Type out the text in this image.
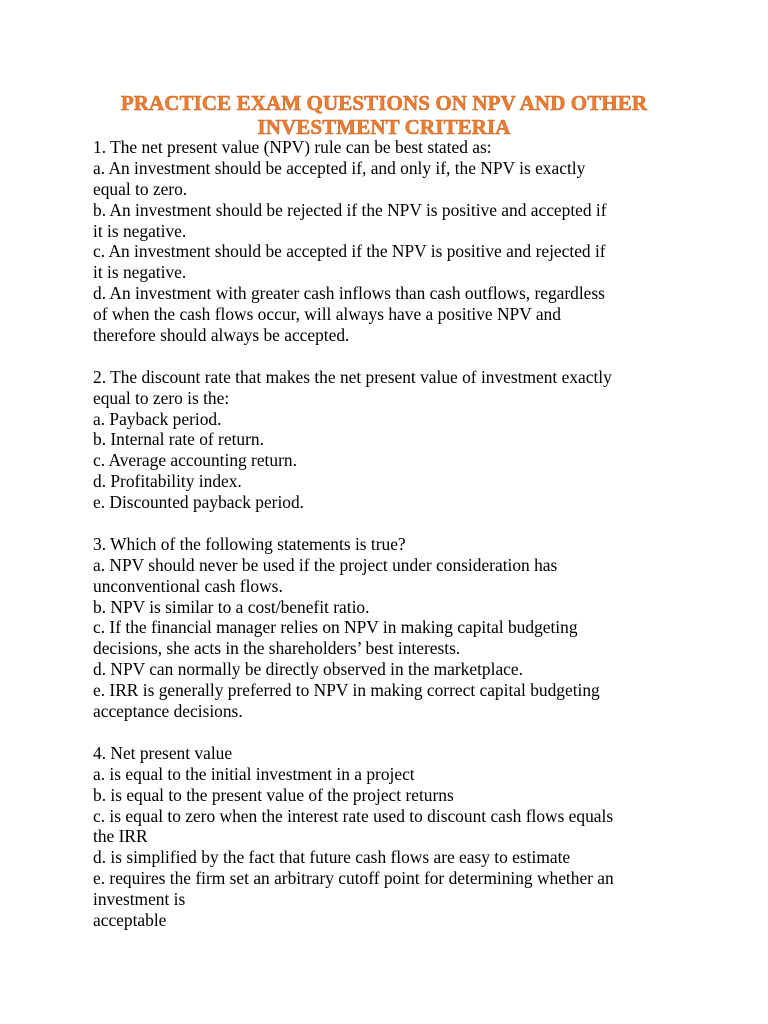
PRACTICE EXAM QUESTIONS ON NPV AND OTHER
INVESTMENT CRITERIA
1. The net present value (NPV) rule can be best stated as:
a. An investment should be accepted if, and only if, the NPV is exactly
equal to zero.
b. An investment should be rejected if the NPV is positive and accepted if
it is negative.
c. An investment should be accepted if the NPV is positive and rejected if
it is negative.
d. An investment with greater cash inflows than cash outflows, regardless
of when the cash flows occur, will always have a positive NPV and
therefore should always be accepted.
2. The discount rate that makes the net present value of investment exactly
equal to zero is the:
a. Payback period.
b. Internal rate of return.
c. Average accounting return.
d. Profitability index.
e. Discounted payback period.
3. Which of the following statements is true?
a. NPV should never be used if the project under consideration has
unconventional cash flows.
b. NPV is similar to a cost/benefit ratio.
c. If the financial manager relies on NPV in making capital budgeting
decisions, she acts in the shareholders’ best interests.
d. NPV can normally be directly observed in the marketplace.
e. IRR is generally preferred to NPV in making correct capital budgeting
acceptance decisions.
4. Net present value
a. is equal to the initial investment in a project
b. is equal to the present value of the project returns
c. is equal to zero when the interest rate used to discount cash flows equals
the IRR
d. is simplified by the fact that future cash flows are easy to estimate
e. requires the firm set an arbitrary cutoff point for determining whether an
investment is
acceptable
